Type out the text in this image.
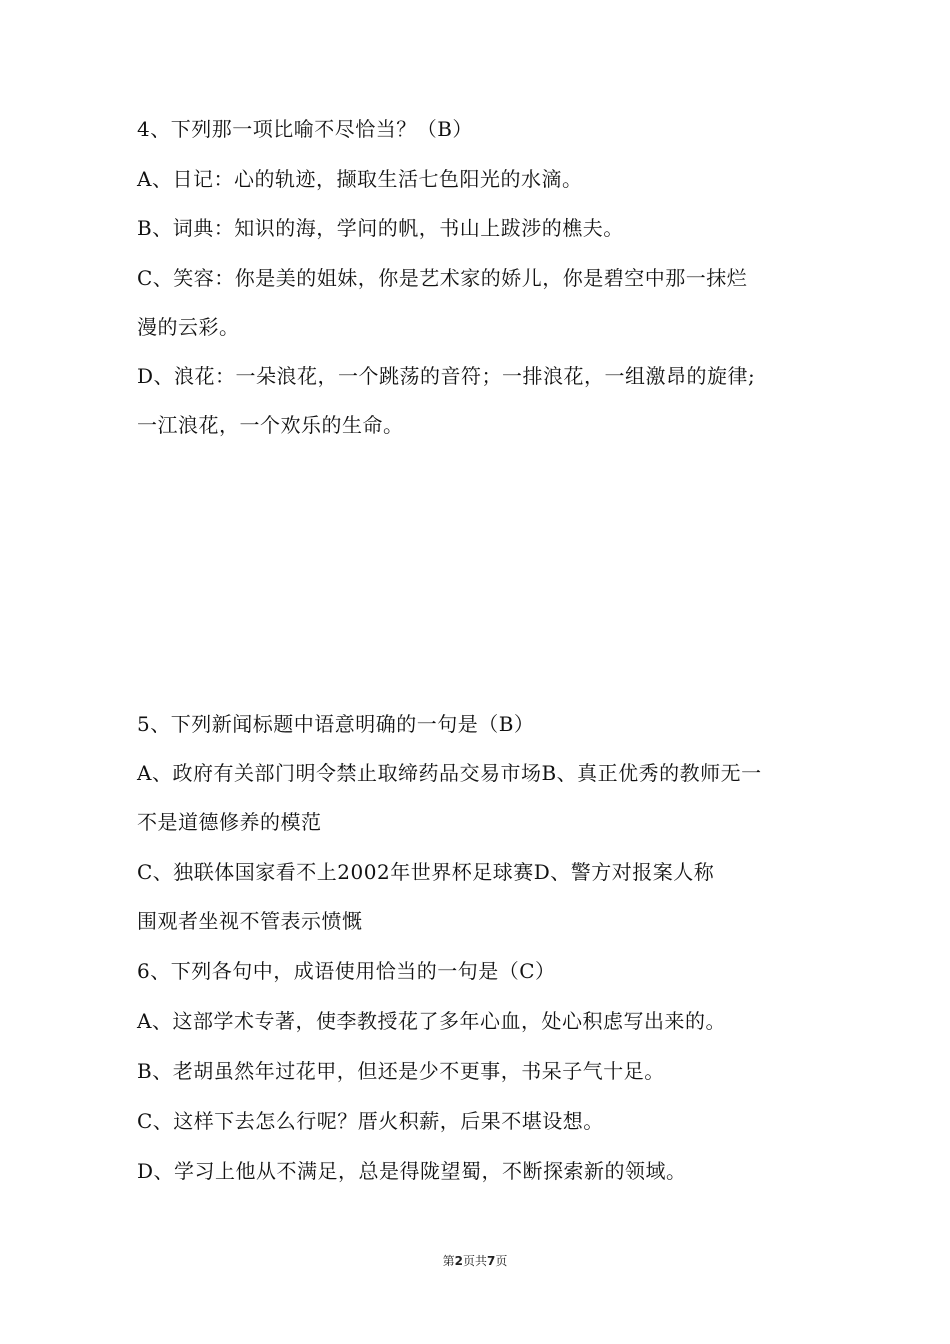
4、下列那一项比喻不尽恰当？（B）
A、日记：心的轨迹，撷取生活七色阳光的水滴。
B、词典：知识的海，学问的帆，书山上跋涉的樵夫。
C、笑容：你是美的姐妹，你是艺术家的娇儿，你是碧空中那一抹烂
漫的云彩。
D、浪花：一朵浪花，一个跳荡的音符；一排浪花，一组激昂的旋律;
一江浪花，一个欢乐的生命。
5、下列新闻标题中语意明确的一句是（B）
A、政府有关部门明令禁止取缔药品交易市场B、真正优秀的教师无一
不是道德修养的模范
C、独联体国家看不上2002年世界杯足球赛D、警方对报案人称
围观者坐视不管表示愤慨
6、下列各句中，成语使用恰当的一句是（C）
A、这部学术专著，使李教授花了多年心血，处心积虑写出来的。
B、老胡虽然年过花甲，但还是少不更事，书呆子气十足。
C、这样下去怎么行呢？厝火积薪，后果不堪设想。
D、学习上他从不满足，总是得陇望蜀，不断探索新的领域。
第2页共7页
